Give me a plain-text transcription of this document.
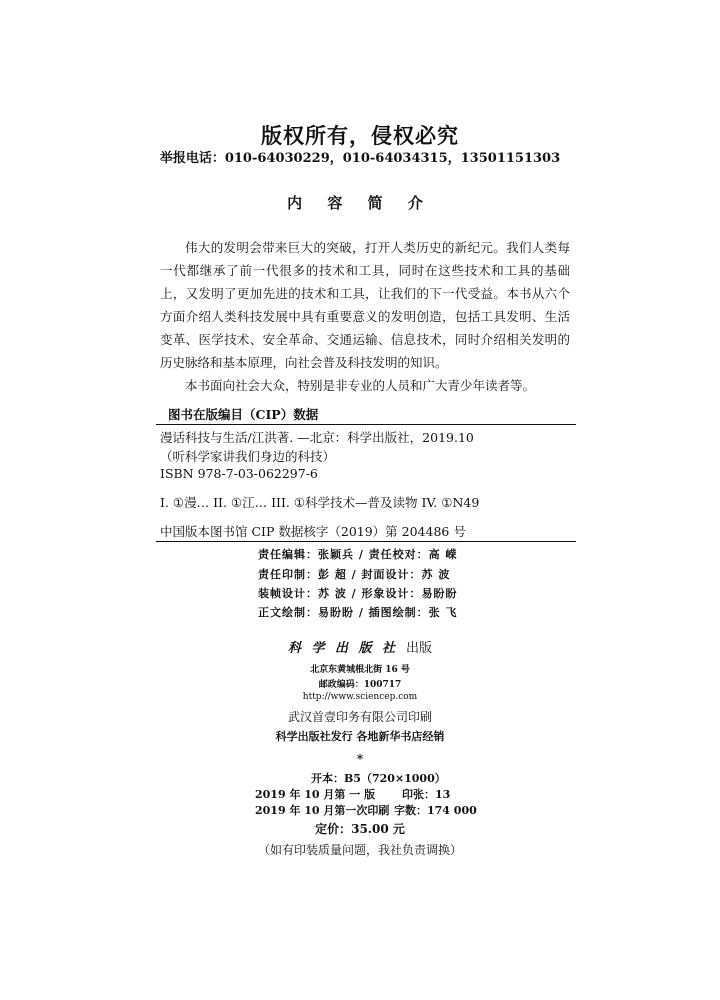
版权所有，侵权必究
举报电话：010-64030229，010-64034315，13501151303
内 容 简 介

伟大的发明会带来巨大的突破，打开人类历史的新纪元。我们人类每一代都继承了前一代很多的技术和工具，同时在这些技术和工具的基础上，又发明了更加先进的技术和工具，让我们的下一代受益。本书从六个方面介绍人类科技发展中具有重要意义的发明创造，包括工具发明、生活变革、医学技术、安全革命、交通运输、信息技术，同时介绍相关发明的历史脉络和基本原理，向社会普及科技发明的知识。

本书面向社会大众，特别是非专业的人员和广大青少年读者等。

图书在版编目（CIP）数据
漫话科技与生活/江洪著. —北京：科学出版社，2019.10
（听科学家讲我们身边的科技）
ISBN 978-7-03-062297-6
I. ①漫… II. ①江… III. ①科学技术—普及读物 IV. ①N49
中国版本图书馆 CIP 数据核字（2019）第 204486 号
责任编辑：张颖兵 / 责任校对：高 嵘
责任印制：彭 超 / 封面设计：苏 波
装帧设计：苏 波 / 形象设计：易盼盼
正文绘制：易盼盼 / 插图绘制：张 飞
科 学 出 版 社 出版
北京东黄城根北街 16 号
邮政编码：100717
http://www.sciencep.com
武汉首壹印务有限公司印刷
科学出版社发行 各地新华书店经销
*
开本：B5（720×1000）
2019 年 10 月第 一 版 印张：13
2019 年 10 月第一次印刷 字数：174 000
定价：35.00 元
（如有印装质量问题，我社负责调换）
